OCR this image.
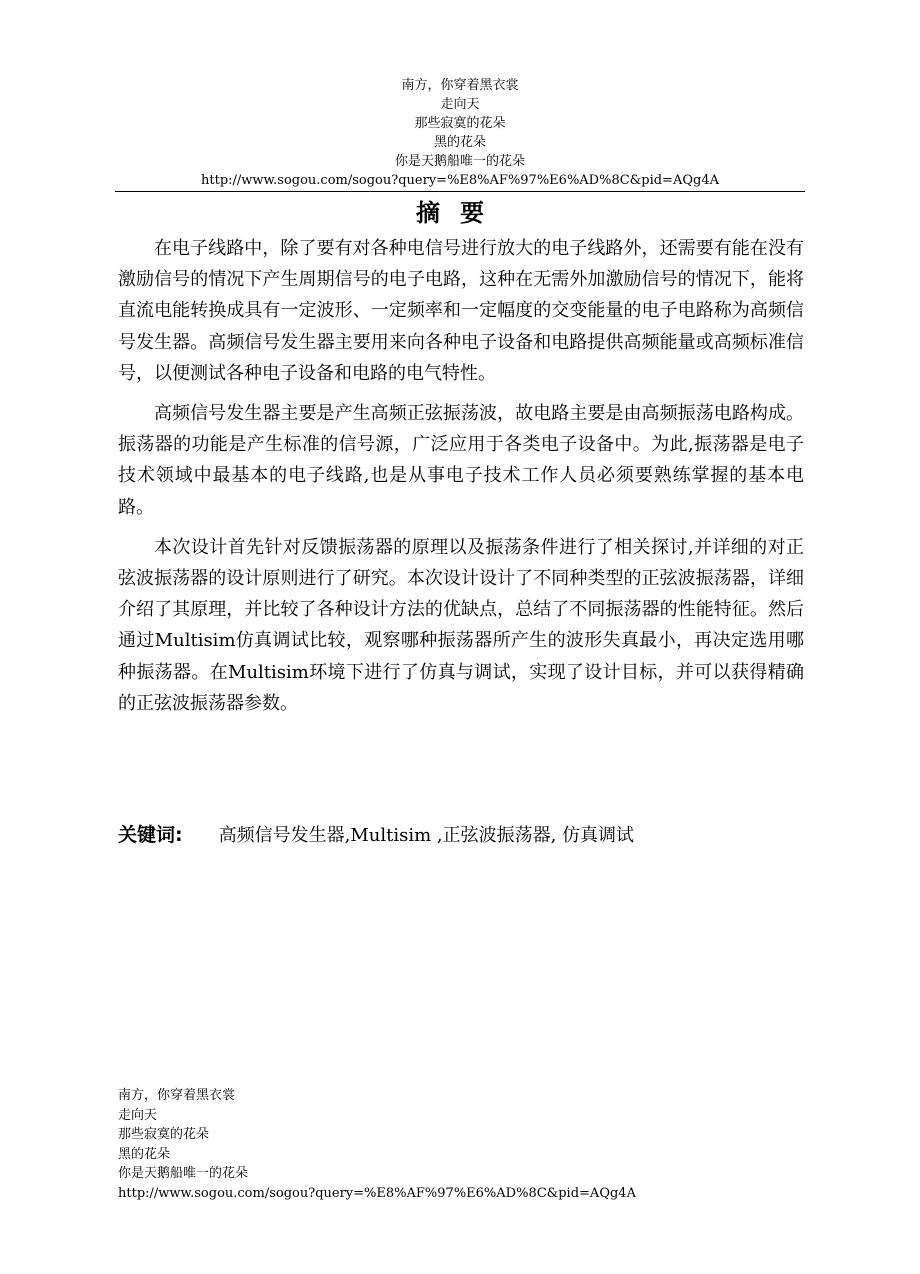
南方，你穿着黑衣裳
走向天
那些寂寞的花朵
黑的花朵
你是天鹅船唯一的花朵
http://www.sogou.com/sogou?query=%E8%AF%97%E6%AD%8C&pid=AQg4A
摘要

在电子线路中，除了要有对各种电信号进行放大的电子线路外，还需要有能在没有激励信号的情况下产生周期信号的电子电路，这种在无需外加激励信号的情况下，能将直流电能转换成具有一定波形、一定频率和一定幅度的交变能量的电子电路称为高频信号发生器。高频信号发生器主要用来向各种电子设备和电路提供高频能量或高频标准信号，以便测试各种电子设备和电路的电气特性。

高频信号发生器主要是产生高频正弦振荡波，故电路主要是由高频振荡电路构成。振荡器的功能是产生标准的信号源，广泛应用于各类电子设备中。为此,振荡器是电子技术领域中最基本的电子线路,也是从事电子技术工作人员必须要熟练掌握的基本电路。

本次设计首先针对反馈振荡器的原理以及振荡条件进行了相关探讨,并详细的对正弦波振荡器的设计原则进行了研究。本次设计设计了不同种类型的正弦波振荡器，详细介绍了其原理，并比较了各种设计方法的优缺点，总结了不同振荡器的性能特征。然后通过Multisim仿真调试比较，观察哪种振荡器所产生的波形失真最小，再决定选用哪种振荡器。在Multisim环境下进行了仿真与调试，实现了设计目标，并可以获得精确的正弦波振荡器参数。

关键词: 高频信号发生器,Multisim ,正弦波振荡器, 仿真调试
南方，你穿着黑衣裳
走向天
那些寂寞的花朵
黑的花朵
你是天鹅船唯一的花朵
http://www.sogou.com/sogou?query=%E8%AF%97%E6%AD%8C&pid=AQg4A
